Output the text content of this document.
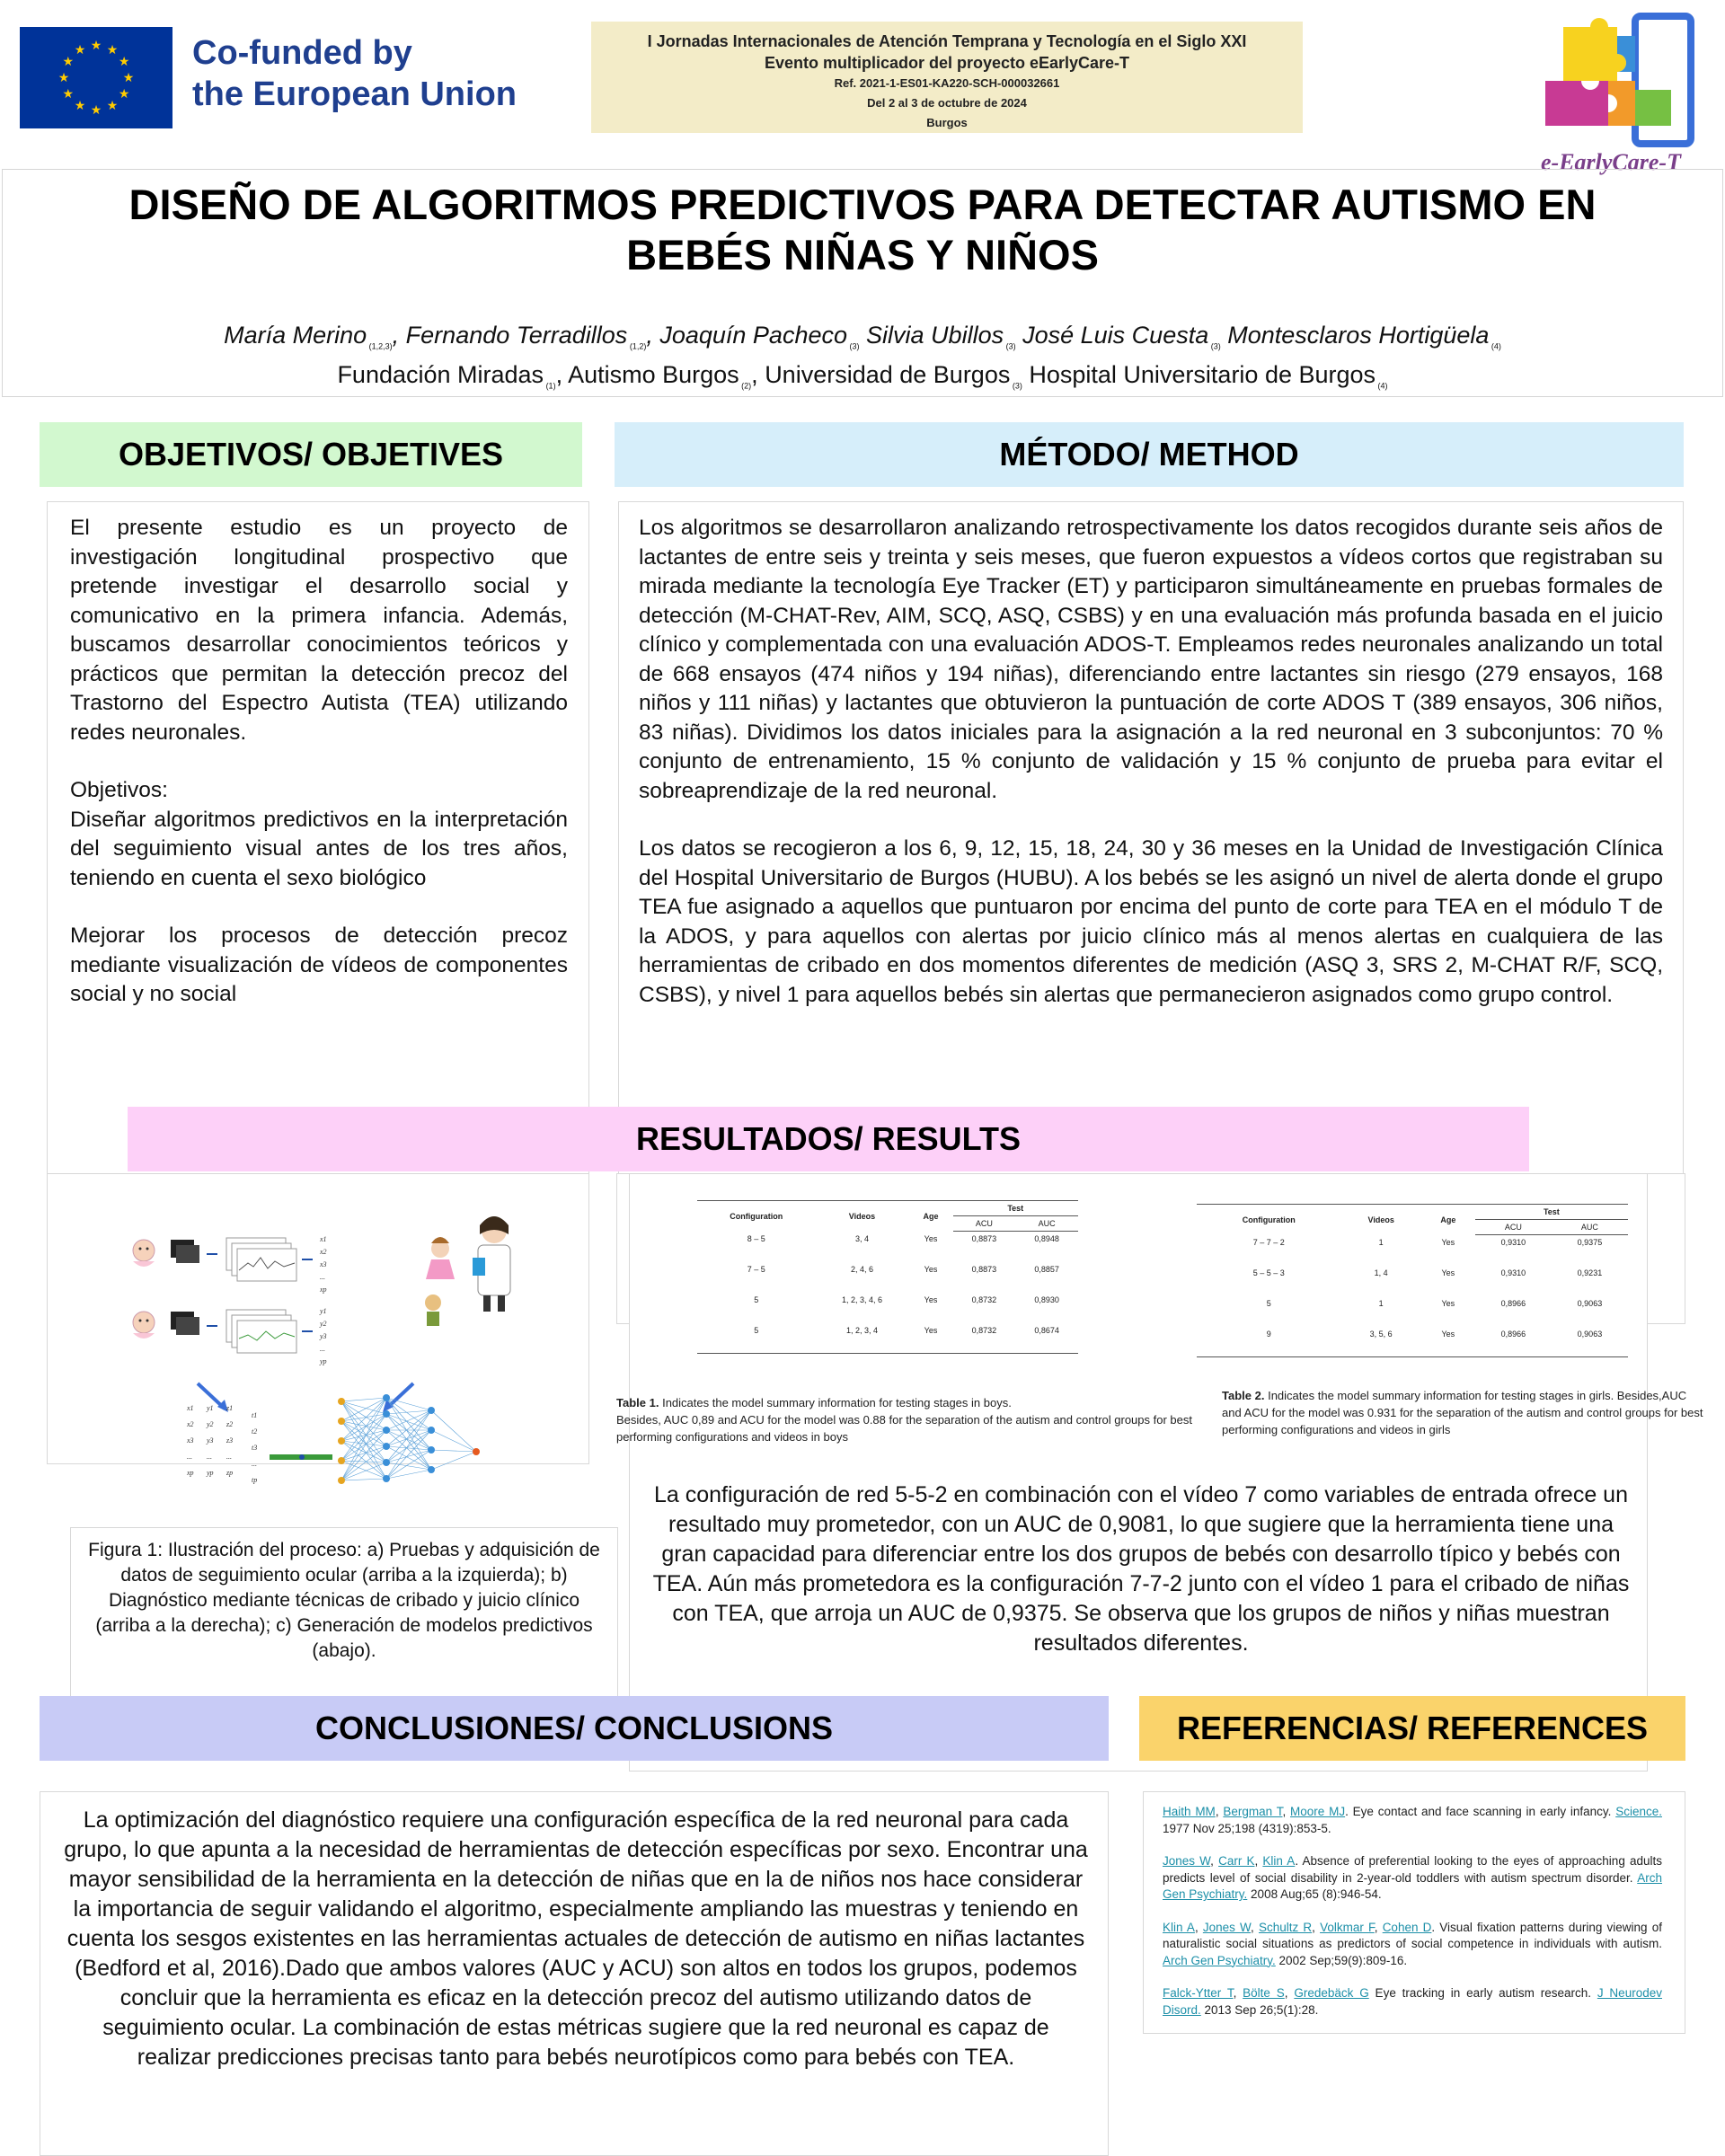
★
★
★
★
★
★
★
★
★ ★ ★
★ Co-funded by
the European Union
I Jornadas Internacionales de Atención Temprana y Tecnología en el Siglo XXI
Evento multiplicador del proyecto eEarlyCare-T
Ref. 2021-1-ES01-KA220-SCH-000032661
Del 2 al 3 de octubre de 2024
Burgos
e-EarlyCare-T
DISEÑO DE ALGORITMOS PREDICTIVOS PARA DETECTAR AUTISMO EN
BEBÉS NIÑAS Y NIÑOS
María Merino $_{(1,2,3)}$, Fernando Terradillos $_{(1,2)}$, Joaquín Pacheco $_{(3)}$ Silvia Ubillos $_{(3)}$ José Luis Cuesta $_{(3)}$ Montesclaros Hortigüela $_{(4)}$
Fundación Miradas $_{(1)}$, Autismo Burgos $_{(2)}$, Universidad de Burgos $_{(3)}$ Hospital Universitario de Burgos $_{(4)}$
OBJETIVOS/ OBJETIVES

El presente estudio es un proyecto de investigación longitudinal prospectivo que pretende investigar el desarrollo social y comunicativo en la primera infancia. Además, buscamos desarrollar conocimientos teóricos y prácticos que permitan la detección precoz del Trastorno del Espectro Autista (TEA) utilizando redes neuronales.

Objetivos:
Diseñar algoritmos predictivos en la interpretación del seguimiento visual antes de los tres años, teniendo en cuenta el sexo biológico

Mejorar los procesos de detección precoz mediante visualización de vídeos de componentes social y no social

MÉTODO/ METHOD

Los algoritmos se desarrollaron analizando retrospectivamente los datos recogidos durante seis años de lactantes de entre seis y treinta y seis meses, que fueron expuestos a vídeos cortos que registraban su mirada mediante la tecnología Eye Tracker (ET) y participaron simultáneamente en pruebas formales de detección (M-CHAT-Rev, AIM, SCQ, ASQ, CSBS) y en una evaluación más profunda basada en el juicio clínico y complementada con una evaluación ADOS-T. Empleamos redes neuronales analizando un total de 668 ensayos (474 niños y 194 niñas), diferenciando entre lactantes sin riesgo (279 ensayos, 168 niños y 111 niñas) y lactantes que obtuvieron la puntuación de corte ADOS T (389 ensayos, 306 niños, 83 niñas). Dividimos los datos iniciales para la asignación a la red neuronal en 3 subconjuntos: 70 % conjunto de entrenamiento, 15 % conjunto de validación y 15 % conjunto de prueba para evitar el sobreaprendizaje de la red neuronal.

Los datos se recogieron a los 6, 9, 12, 15, 18, 24, 30 y 36 meses en la Unidad de Investigación Clínica del Hospital Universitario de Burgos (HUBU). A los bebés se les asignó un nivel de alerta donde el grupo TEA fue asignado a aquellos que puntuaron por encima del punto de corte para TEA en el módulo T de la ADOS, y para aquellos con alertas por juicio clínico más al menos alertas en cualquiera de las herramientas de cribado en dos momentos diferentes de medición (ASQ 3, SRS 2, M-CHAT R/F, SCQ, CSBS), y nivel 1 para aquellos bebés sin alertas que permanecieron asignados como grupo control.

RESULTADOS/ RESULTS
x1
x2
x3
...
xp
y1
y2
y3
...
yp
x1
x2
x3
...
xp
y1
y2
y3
...
yp
z1
z2
z3
...
zp
t1
t2
t3
...
tp
Figura 1: Ilustración del proceso: a) Pruebas y adquisición de datos de seguimiento ocular (arriba a la izquierda); b) Diagnóstico mediante técnicas de cribado y juicio clínico (arriba a la derecha); c) Generación de modelos predictivos (abajo).
Configuration	Videos	Age	Test	
			ACU	AUC
8 – 5	3, 4	Yes	0,8873	0,8948
7 – 5	2, 4, 6	Yes	0,8873	0,8857
5	1, 2, 3, 4, 6	Yes	0,8732	0,8930
5	1, 2, 3, 4	Yes	0,8732	0,8674
Table 1. Indicates the model summary information for testing stages in boys.
Besides, AUC 0,89 and ACU for the model was 0.88 for the separation of the autism and control groups for best performing configurations and videos in boys
Configuration	Videos	Age	Test	
			ACU	AUC
7 – 7 – 2	1	Yes	0,9310	0,9375
5 – 5 – 3	1, 4	Yes	0,9310	0,9231
5	1	Yes	0,8966	0,9063
9	3, 5, 6	Yes	0,8966	0,9063
Table 2. Indicates the model summary information for testing stages in girls. Besides,AUC and ACU for the model was 0.931 for the separation of the autism and control groups for best performing configurations and videos in girls
La configuración de red 5-5-2 en combinación con el vídeo 7 como variables de entrada ofrece un resultado muy prometedor, con un AUC de 0,9081, lo que sugiere que la herramienta tiene una gran capacidad para diferenciar entre los dos grupos de bebés con desarrollo típico y bebés con TEA. Aún más prometedora es la configuración 7-7-2 junto con el vídeo 1 para el cribado de niñas con TEA, que arroja un AUC de 0,9375. Se observa que los grupos de niños y niñas muestran resultados diferentes.
CONCLUSIONES/ CONCLUSIONS
La optimización del diagnóstico requiere una configuración específica de la red neuronal para cada grupo, lo que apunta a la necesidad de herramientas de detección específicas por sexo. Encontrar una mayor sensibilidad de la herramienta en la detección de niñas que en la de niños nos hace considerar la importancia de seguir validando el algoritmo, especialmente ampliando las muestras y teniendo en cuenta los sesgos existentes en las herramientas actuales de detección de autismo en niñas lactantes (Bedford et al, 2016).Dado que ambos valores (AUC y ACU) son altos en todos los grupos, podemos concluir que la herramienta es eficaz en la detección precoz del autismo utilizando datos de seguimiento ocular. La combinación de estas métricas sugiere que la red neuronal es capaz de realizar predicciones precisas tanto para bebés neurotípicos como para bebés con TEA.
REFERENCIAS/ REFERENCES
Haith MM, Bergman T, Moore MJ. Eye contact and face scanning in early infancy. Science. 1977 Nov 25;198 (4319):853-5.
Jones W, Carr K, Klin A. Absence of preferential looking to the eyes of approaching adults predicts level of social disability in 2-year-old toddlers with autism spectrum disorder. Arch Gen Psychiatry. 2008 Aug;65 (8):946-54.
Klin A, Jones W, Schultz R, Volkmar F, Cohen D. Visual fixation patterns during viewing of naturalistic social situations as predictors of social competence in individuals with autism. Arch Gen Psychiatry. 2002 Sep;59(9):809-16.
Falck-Ytter T, Bölte S, Gredebäck G Eye tracking in early autism research. J Neurodev Disord. 2013 Sep 26;5(1):28.
